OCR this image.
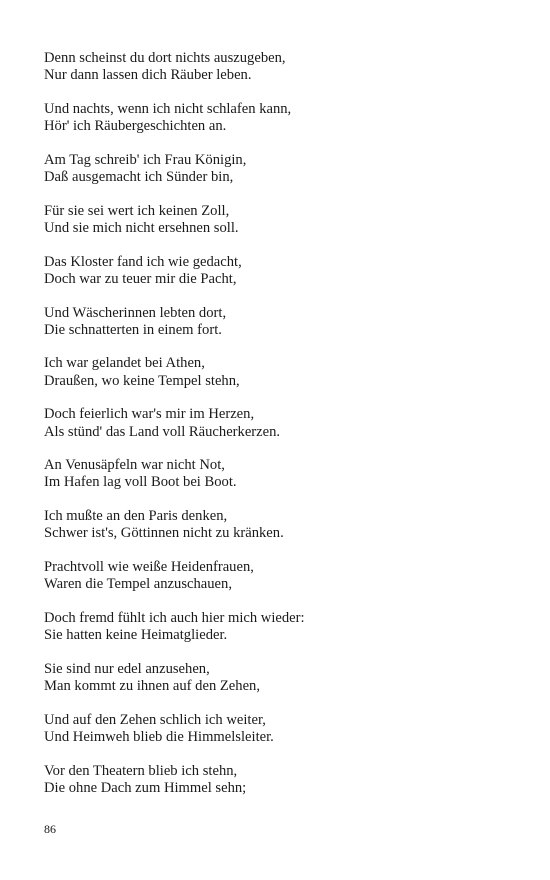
Denn scheinst du dort nichts auszugeben,
Nur dann lassen dich Räuber leben.
Und nachts, wenn ich nicht schlafen kann,
Hör' ich Räubergeschichten an.
Am Tag schreib' ich Frau Königin,
Daß ausgemacht ich Sünder bin,
Für sie sei wert ich keinen Zoll,
Und sie mich nicht ersehnen soll.
Das Kloster fand ich wie gedacht,
Doch war zu teuer mir die Pacht,
Und Wäscherinnen lebten dort,
Die schnatterten in einem fort.
Ich war gelandet bei Athen,
Draußen, wo keine Tempel stehn,
Doch feierlich war's mir im Herzen,
Als stünd' das Land voll Räucherkerzen.
An Venusäpfeln war nicht Not,
Im Hafen lag voll Boot bei Boot.
Ich mußte an den Paris denken,
Schwer ist's, Göttinnen nicht zu kränken.
Prachtvoll wie weiße Heidenfrauen,
Waren die Tempel anzuschauen,
Doch fremd fühlt ich auch hier mich wieder:
Sie hatten keine Heimatglieder.
Sie sind nur edel anzusehen,
Man kommt zu ihnen auf den Zehen,
Und auf den Zehen schlich ich weiter,
Und Heimweh blieb die Himmelsleiter.
Vor den Theatern blieb ich stehn,
Die ohne Dach zum Himmel sehn;
86
